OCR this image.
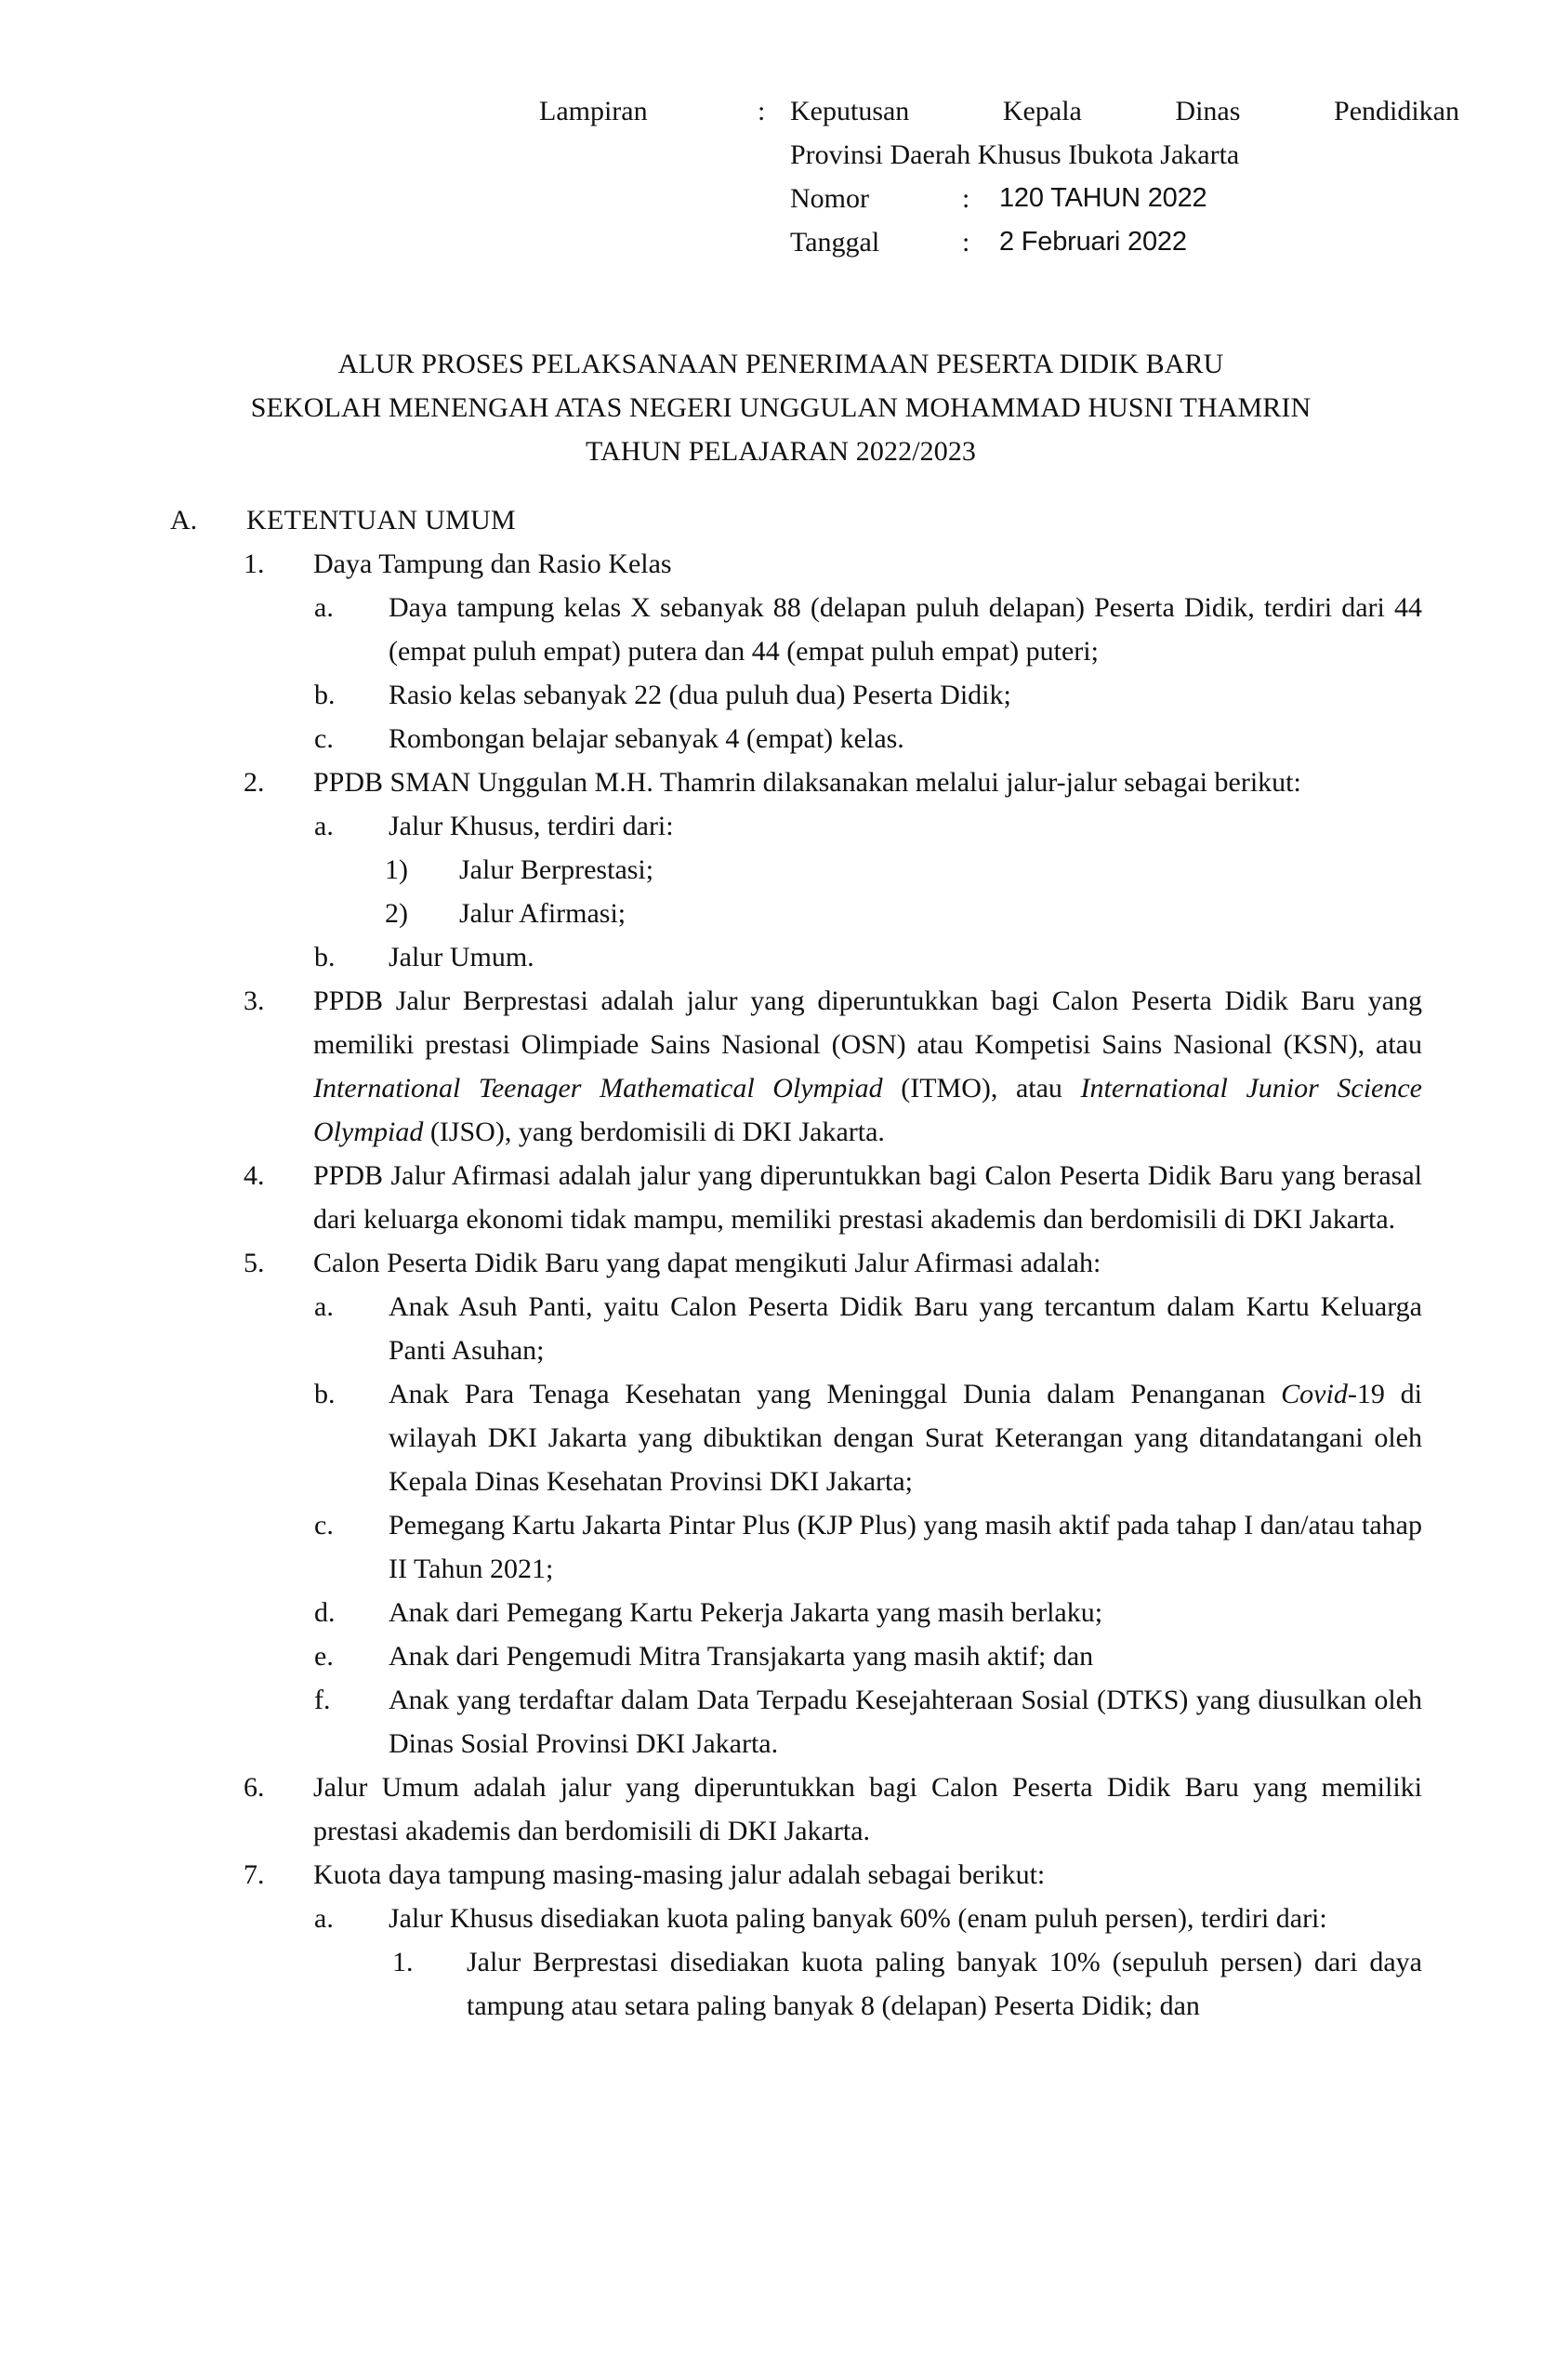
Lampiran	: Keputusan Kepala Dinas Pendidikan
Provinsi Daerah Khusus Ibukota Jakarta
Nomor	:	120 TAHUN 2022
Tanggal	:	2 Februari 2022
ALUR PROSES PELAKSANAAN PENERIMAAN PESERTA DIDIK BARU
SEKOLAH MENENGAH ATAS NEGERI UNGGULAN MOHAMMAD HUSNI THAMRIN
TAHUN PELAJARAN 2022/2023
A.	KETENTUAN UMUM
1.	Daya Tampung dan Rasio Kelas
a.	Daya tampung kelas X sebanyak 88 (delapan puluh delapan) Peserta Didik, terdiri dari 44 (empat puluh empat) putera dan 44 (empat puluh empat) puteri;
b.	Rasio kelas sebanyak 22 (dua puluh dua) Peserta Didik;
c.	Rombongan belajar sebanyak 4 (empat) kelas.
2.	PPDB SMAN Unggulan M.H. Thamrin dilaksanakan melalui jalur-jalur sebagai berikut:
a.	Jalur Khusus, terdiri dari:
1)	Jalur Berprestasi;
2)	Jalur Afirmasi;
b.	Jalur Umum.
3.	PPDB Jalur Berprestasi adalah jalur yang diperuntukkan bagi Calon Peserta Didik Baru yang memiliki prestasi Olimpiade Sains Nasional (OSN) atau Kompetisi Sains Nasional (KSN), atau International Teenager Mathematical Olympiad (ITMO), atau International Junior Science Olympiad (IJSO), yang berdomisili di DKI Jakarta.
4.	PPDB Jalur Afirmasi adalah jalur yang diperuntukkan bagi Calon Peserta Didik Baru yang berasal dari keluarga ekonomi tidak mampu, memiliki prestasi akademis dan berdomisili di DKI Jakarta.
5.	Calon Peserta Didik Baru yang dapat mengikuti Jalur Afirmasi adalah:
a.	Anak Asuh Panti, yaitu Calon Peserta Didik Baru yang tercantum dalam Kartu Keluarga Panti Asuhan;
b.	Anak Para Tenaga Kesehatan yang Meninggal Dunia dalam Penanganan Covid-19 di wilayah DKI Jakarta yang dibuktikan dengan Surat Keterangan yang ditandatangani oleh Kepala Dinas Kesehatan Provinsi DKI Jakarta;
c.	Pemegang Kartu Jakarta Pintar Plus (KJP Plus) yang masih aktif pada tahap I dan/atau tahap II Tahun 2021;
d.	Anak dari Pemegang Kartu Pekerja Jakarta yang masih berlaku;
e.	Anak dari Pengemudi Mitra Transjakarta yang masih aktif; dan
f.	Anak yang terdaftar dalam Data Terpadu Kesejahteraan Sosial (DTKS) yang diusulkan oleh Dinas Sosial Provinsi DKI Jakarta.
6.	Jalur Umum adalah jalur yang diperuntukkan bagi Calon Peserta Didik Baru yang memiliki prestasi akademis dan berdomisili di DKI Jakarta.
7.	Kuota daya tampung masing-masing jalur adalah sebagai berikut:
a.	Jalur Khusus disediakan kuota paling banyak 60% (enam puluh persen), terdiri dari:
1.	Jalur Berprestasi disediakan kuota paling banyak 10% (sepuluh persen) dari daya tampung atau setara paling banyak 8 (delapan) Peserta Didik; dan
